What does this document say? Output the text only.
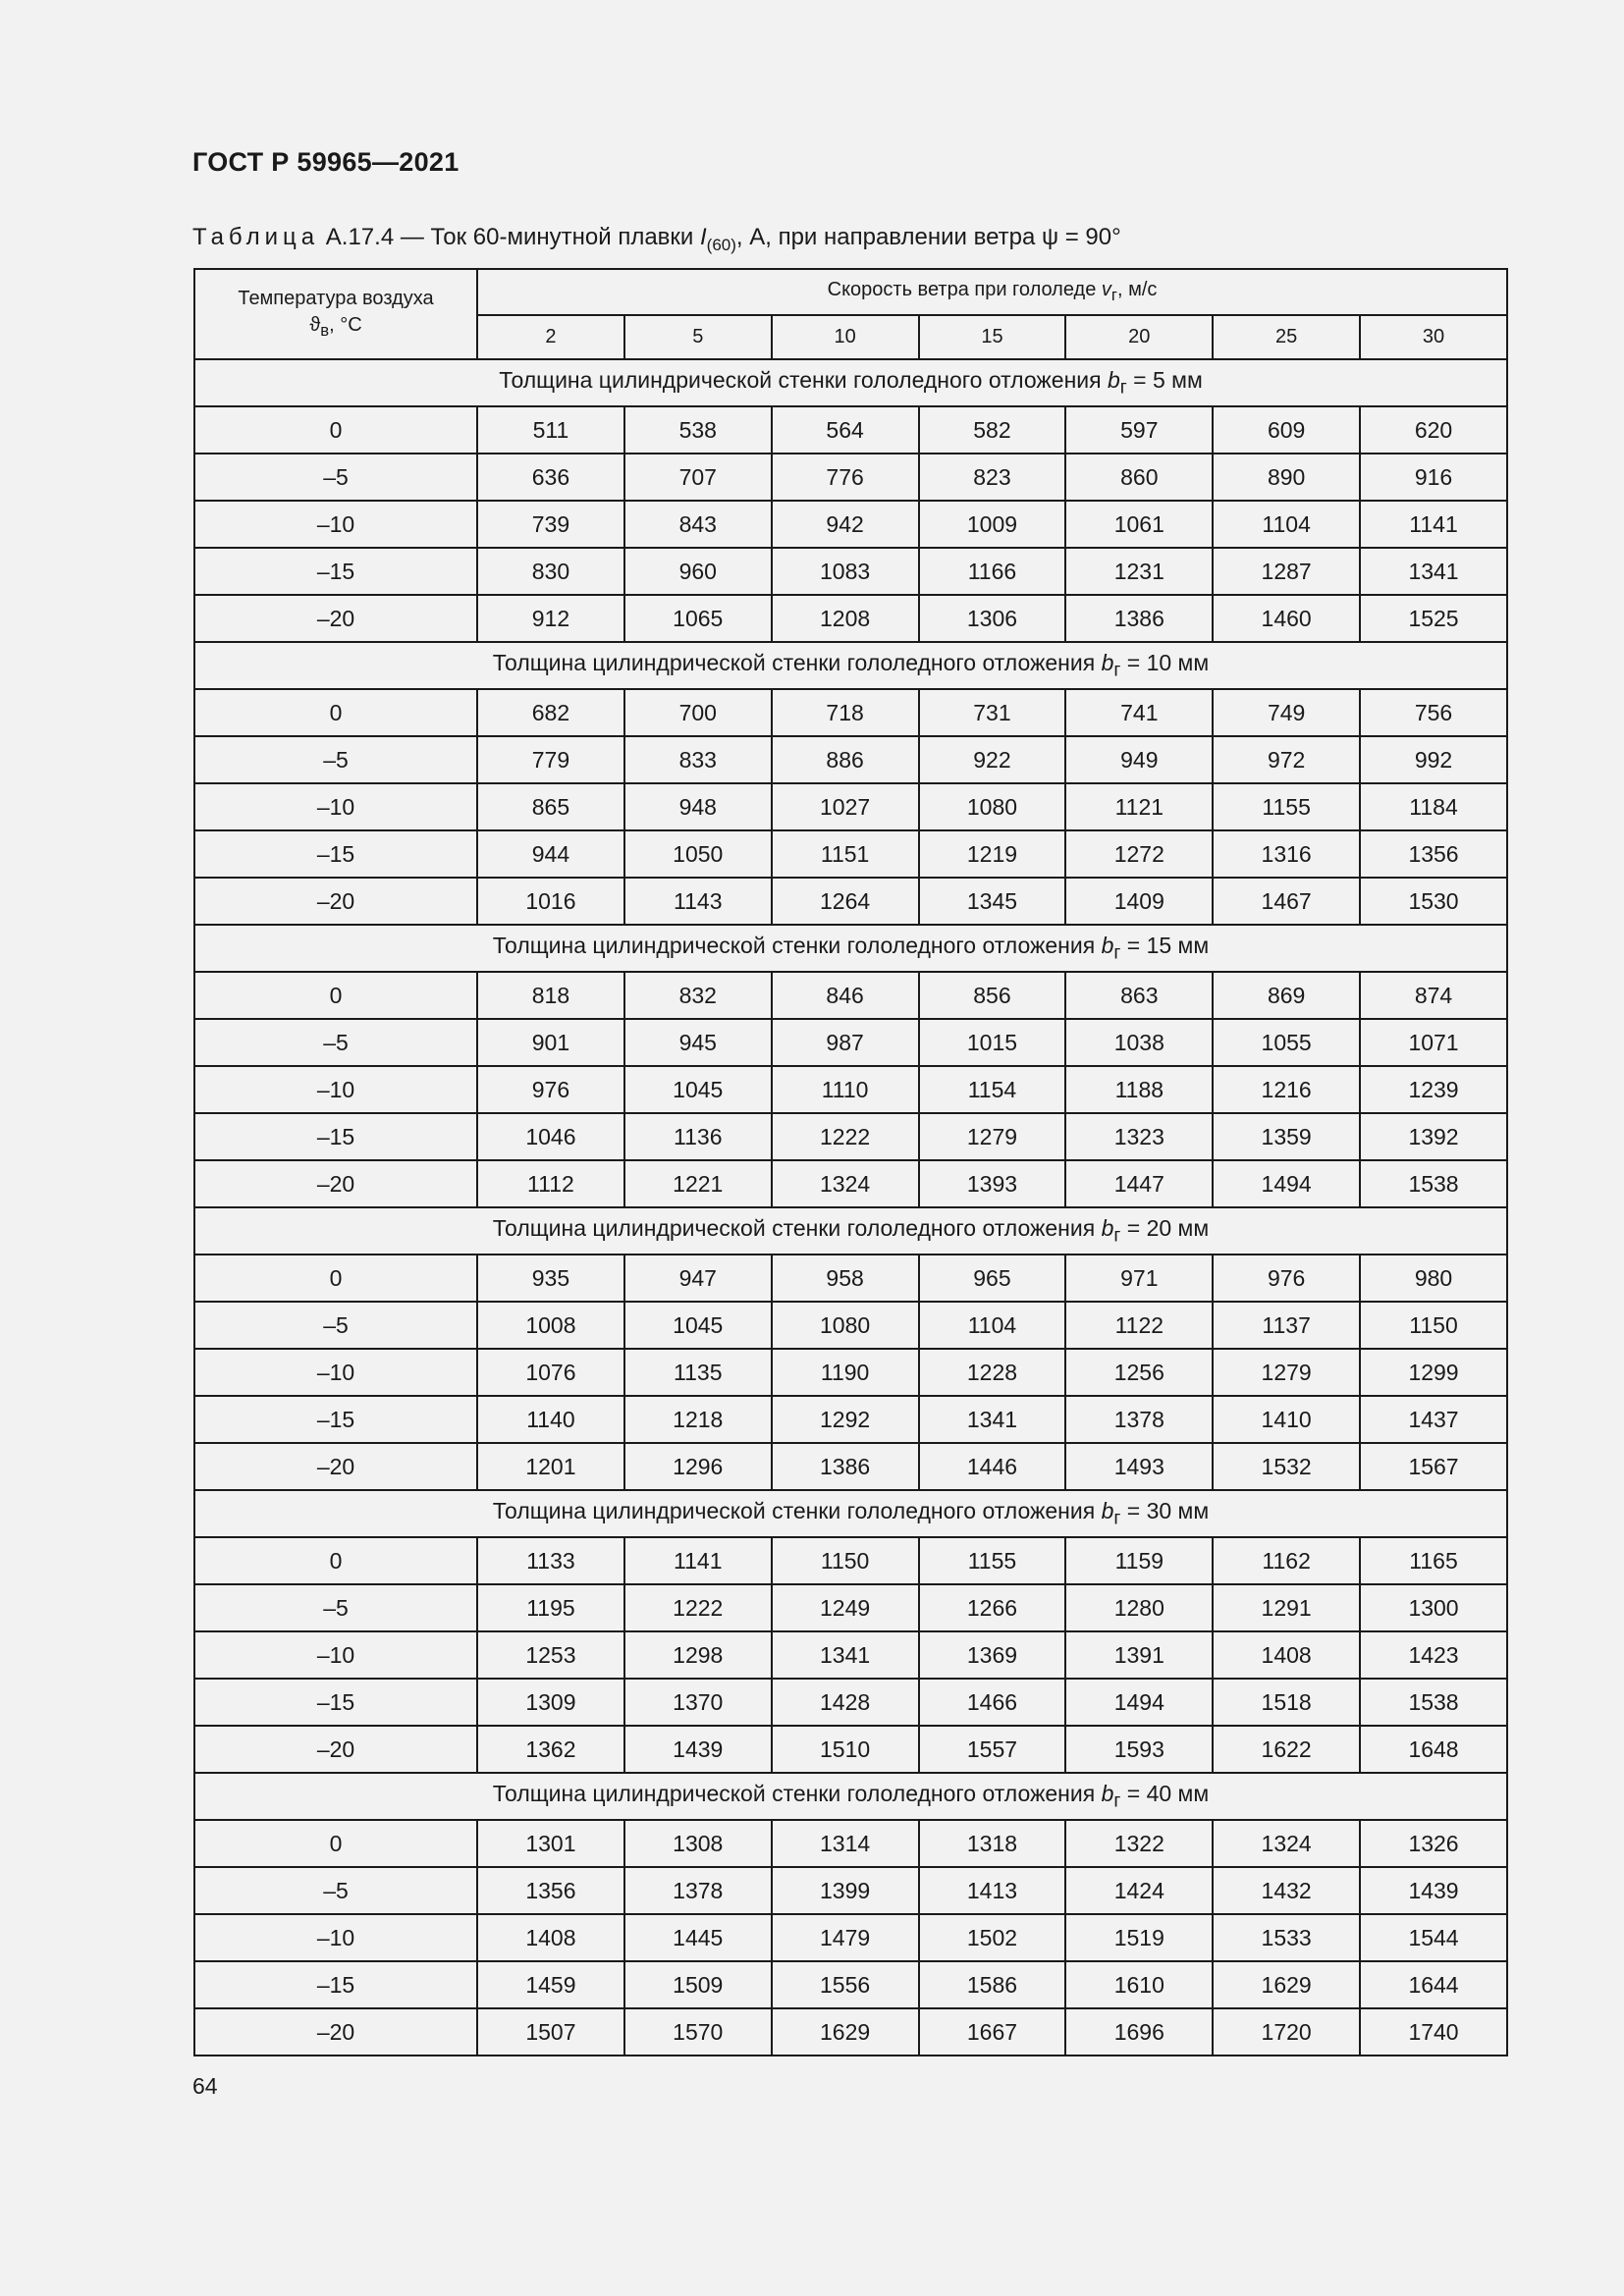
ГОСТ Р 59965—2021
Таблица А.17.4 — Ток 60-минутной плавки $I_{(60)}$, А, при направлении ветра ψ = 90°
Температура воздуха
$ϑ_в$, °С	Скорость ветра при гололеде $v_г$, м/с						
	2	5	10	15	20	25	30
Толщина цилиндрической стенки гололедного отложения $b_г = 5$ мм							
0	511	538	564	582	597	609	620
–5	636	707	776	823	860	890	916
–10	739	843	942	1009	1061	1104	1141
–15	830	960	1083	1166	1231	1287	1341
–20	912	1065	1208	1306	1386	1460	1525
Толщина цилиндрической стенки гололедного отложения $b_г = 10$ мм							
0	682	700	718	731	741	749	756
–5	779	833	886	922	949	972	992
–10	865	948	1027	1080	1121	1155	1184
–15	944	1050	1151	1219	1272	1316	1356
–20	1016	1143	1264	1345	1409	1467	1530
Толщина цилиндрической стенки гололедного отложения $b_г = 15$ мм							
0	818	832	846	856	863	869	874
–5	901	945	987	1015	1038	1055	1071
–10	976	1045	1110	1154	1188	1216	1239
–15	1046	1136	1222	1279	1323	1359	1392
–20	1112	1221	1324	1393	1447	1494	1538
Толщина цилиндрической стенки гололедного отложения $b_г = 20$ мм							
0	935	947	958	965	971	976	980
–5	1008	1045	1080	1104	1122	1137	1150
–10	1076	1135	1190	1228	1256	1279	1299
–15	1140	1218	1292	1341	1378	1410	1437
–20	1201	1296	1386	1446	1493	1532	1567
Толщина цилиндрической стенки гололедного отложения $b_г = 30$ мм							
0	1133	1141	1150	1155	1159	1162	1165
–5	1195	1222	1249	1266	1280	1291	1300
–10	1253	1298	1341	1369	1391	1408	1423
–15	1309	1370	1428	1466	1494	1518	1538
–20	1362	1439	1510	1557	1593	1622	1648
Толщина цилиндрической стенки гололедного отложения $b_г = 40$ мм							
0	1301	1308	1314	1318	1322	1324	1326
–5	1356	1378	1399	1413	1424	1432	1439
–10	1408	1445	1479	1502	1519	1533	1544
–15	1459	1509	1556	1586	1610	1629	1644
–20	1507	1570	1629	1667	1696	1720	1740
64
